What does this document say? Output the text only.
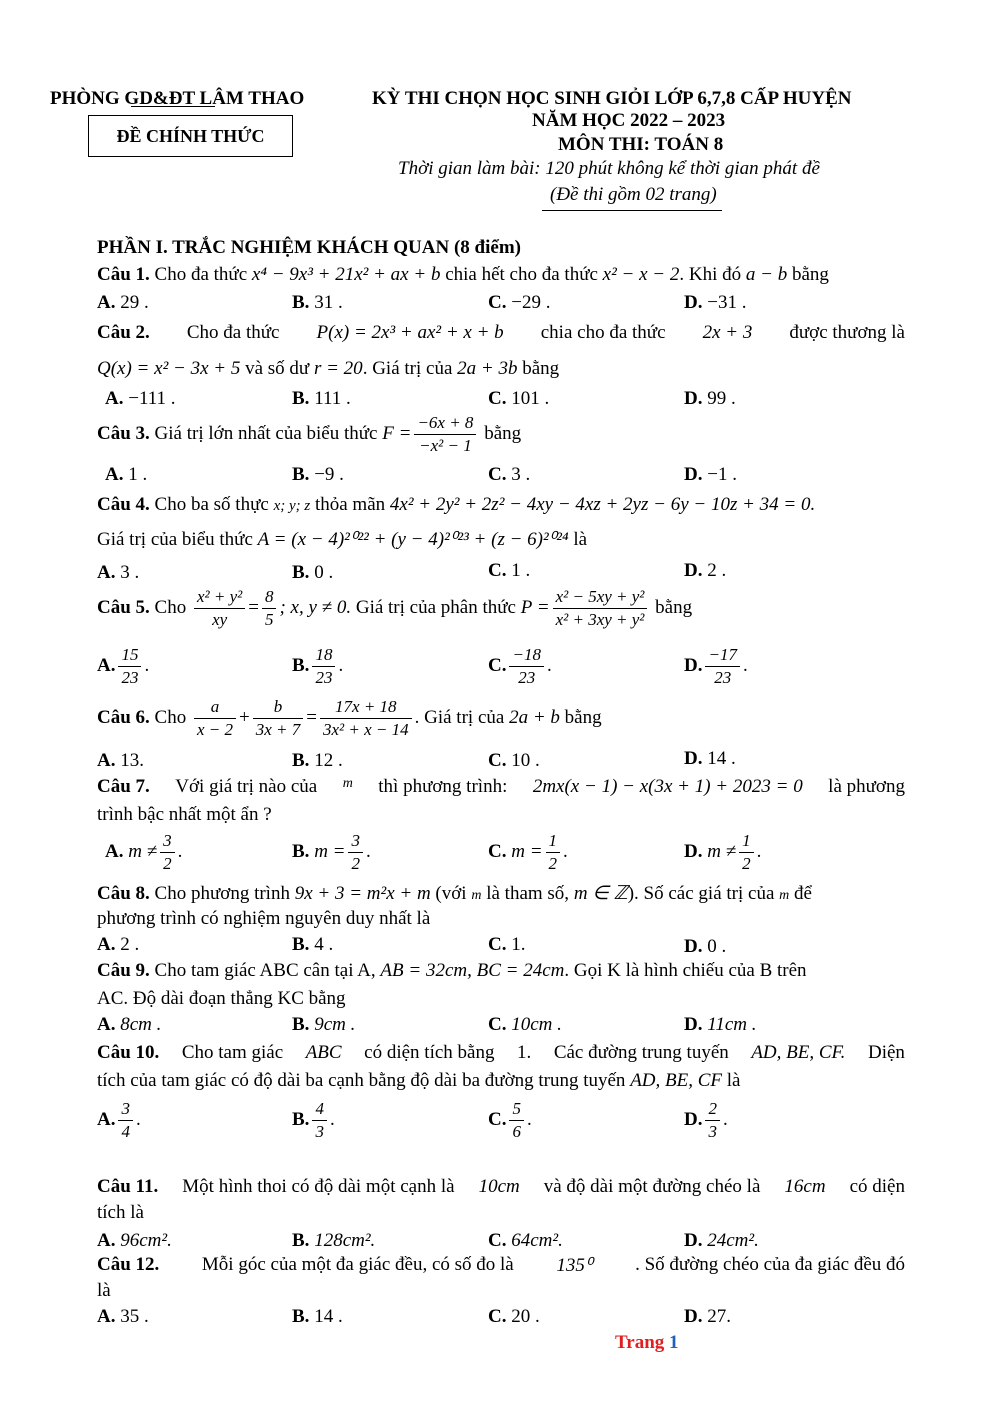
PHÒNG GD&ĐT LÂM THAO	KỲ THI CHỌN HỌC SINH GIỎI LỚP 6,7,8 CẤP HUYỆN
NĂM HỌC 2022 – 2023
ĐỀ CHÍNH THỨC	MÔN THI: TOÁN 8
Thời gian làm bài: 120 phút không kể thời gian phát đề
(Đề thi gồm 02 trang)
PHẦN I. TRẮC NGHIỆM KHÁCH QUAN (8 điểm)
Câu 1. Cho đa thức x⁴ − 9x³ + 21x² + ax + b chia hết cho đa thức x² − x − 2. Khi đó a − b bằng
A. 29 .	B. 31 .	C. −29 .	D. −31 .
Câu 2. Cho đa thức P(x) = 2x³ + ax² + x + b chia cho đa thức 2x + 3 được thương là
Q(x) = x² − 3x + 5 và số dư r = 20. Giá trị của 2a + 3b bằng
A. −111 .	B. 111 .	C. 101 .	D. 99 .
Câu 3. Giá trị lớn nhất của biểu thức $F = \frac{-6x + 8}{\text{−x² − 1}}$ bằng
A. 1 .	B. −9 .	C. 3 .	D. −1 .
Câu 4. Cho ba số thực x; y; z thỏa mãn 4x² + 2y² + 2z² − 4xy − 4xz + 2yz − 6y − 10z + 34 = 0.
Giá trị của biểu thức A = (x − 4)²⁰²² + (y − 4)²⁰²³ + (z − 6)²⁰²⁴ là
A. 3 .	B. 0 .	C. 1 .	D. 2 .
Câu 5. Cho $\frac{\text{x² + y²}}{xy} = \frac{8}{5}$ ; x, y ≠ 0. Giá trị của phân thức $P = \frac{\text{x² − 5xy + y²}}{\text{x² + 3xy + y²}}$ bằng
A. $\frac{15}{23}$ .	B. $\frac{18}{23}$ .	C. $\frac{-18}{23}$ .	D. $\frac{-17}{23}$ .
Câu 6. Cho $\frac{a}{x - 2} + \frac{b}{3x + 7} = \frac{17x + 18}{\text{3x² + x − 14}}$ . Giá trị của 2a + b bằng
A. 13.	B. 12 .	C. 10 .	D. 14 .
Câu 7. Với giá trị nào của m thì phương trình: 2mx(x − 1) − x(3x + 1) + 2023 = 0 là phương
trình bậc nhất một ẩn ?
A. $m \ne \frac{3}{2}$ .	B. $m = \frac{3}{2}$ .	C. $m = \frac{1}{2}$ .	D. $m \ne \frac{1}{2}$ .
Câu 8. Cho phương trình 9x + 3 = m²x + m (với m là tham số, m ∈ ℤ). Số các giá trị của m để
phương trình có nghiệm nguyên duy nhất là
A. 2 .	B. 4 .	C. 1.	D. 0 .
Câu 9. Cho tam giác ABC cân tại A, AB = 32cm, BC = 24cm. Gọi K là hình chiếu của B trên
AC. Độ dài đoạn thẳng KC bằng
A. 8cm .	B. 9cm .	C. 10cm .	D. 11cm .
Câu 10. Cho tam giác ABC có diện tích bằng 1. Các đường trung tuyến AD, BE, CF. Diện
tích của tam giác có độ dài ba cạnh bằng độ dài ba đường trung tuyến AD, BE, CF là
A. $\frac{3}{4}$ .	B. $\frac{4}{3}$ .	C. $\frac{5}{6}$ .	D. $\frac{2}{3}$ .
Câu 11. Một hình thoi có độ dài một cạnh là 10cm và độ dài một đường chéo là 16cm có diện
tích là
A. 96cm².	B. 128cm².	C. 64cm².	D. 24cm².
Câu 12. Mỗi góc của một đa giác đều, có số đo là 135⁰ . Số đường chéo của đa giác đều đó
là
A. 35 .	B. 14 .	C. 20 .	D. 27.
Trang 1
